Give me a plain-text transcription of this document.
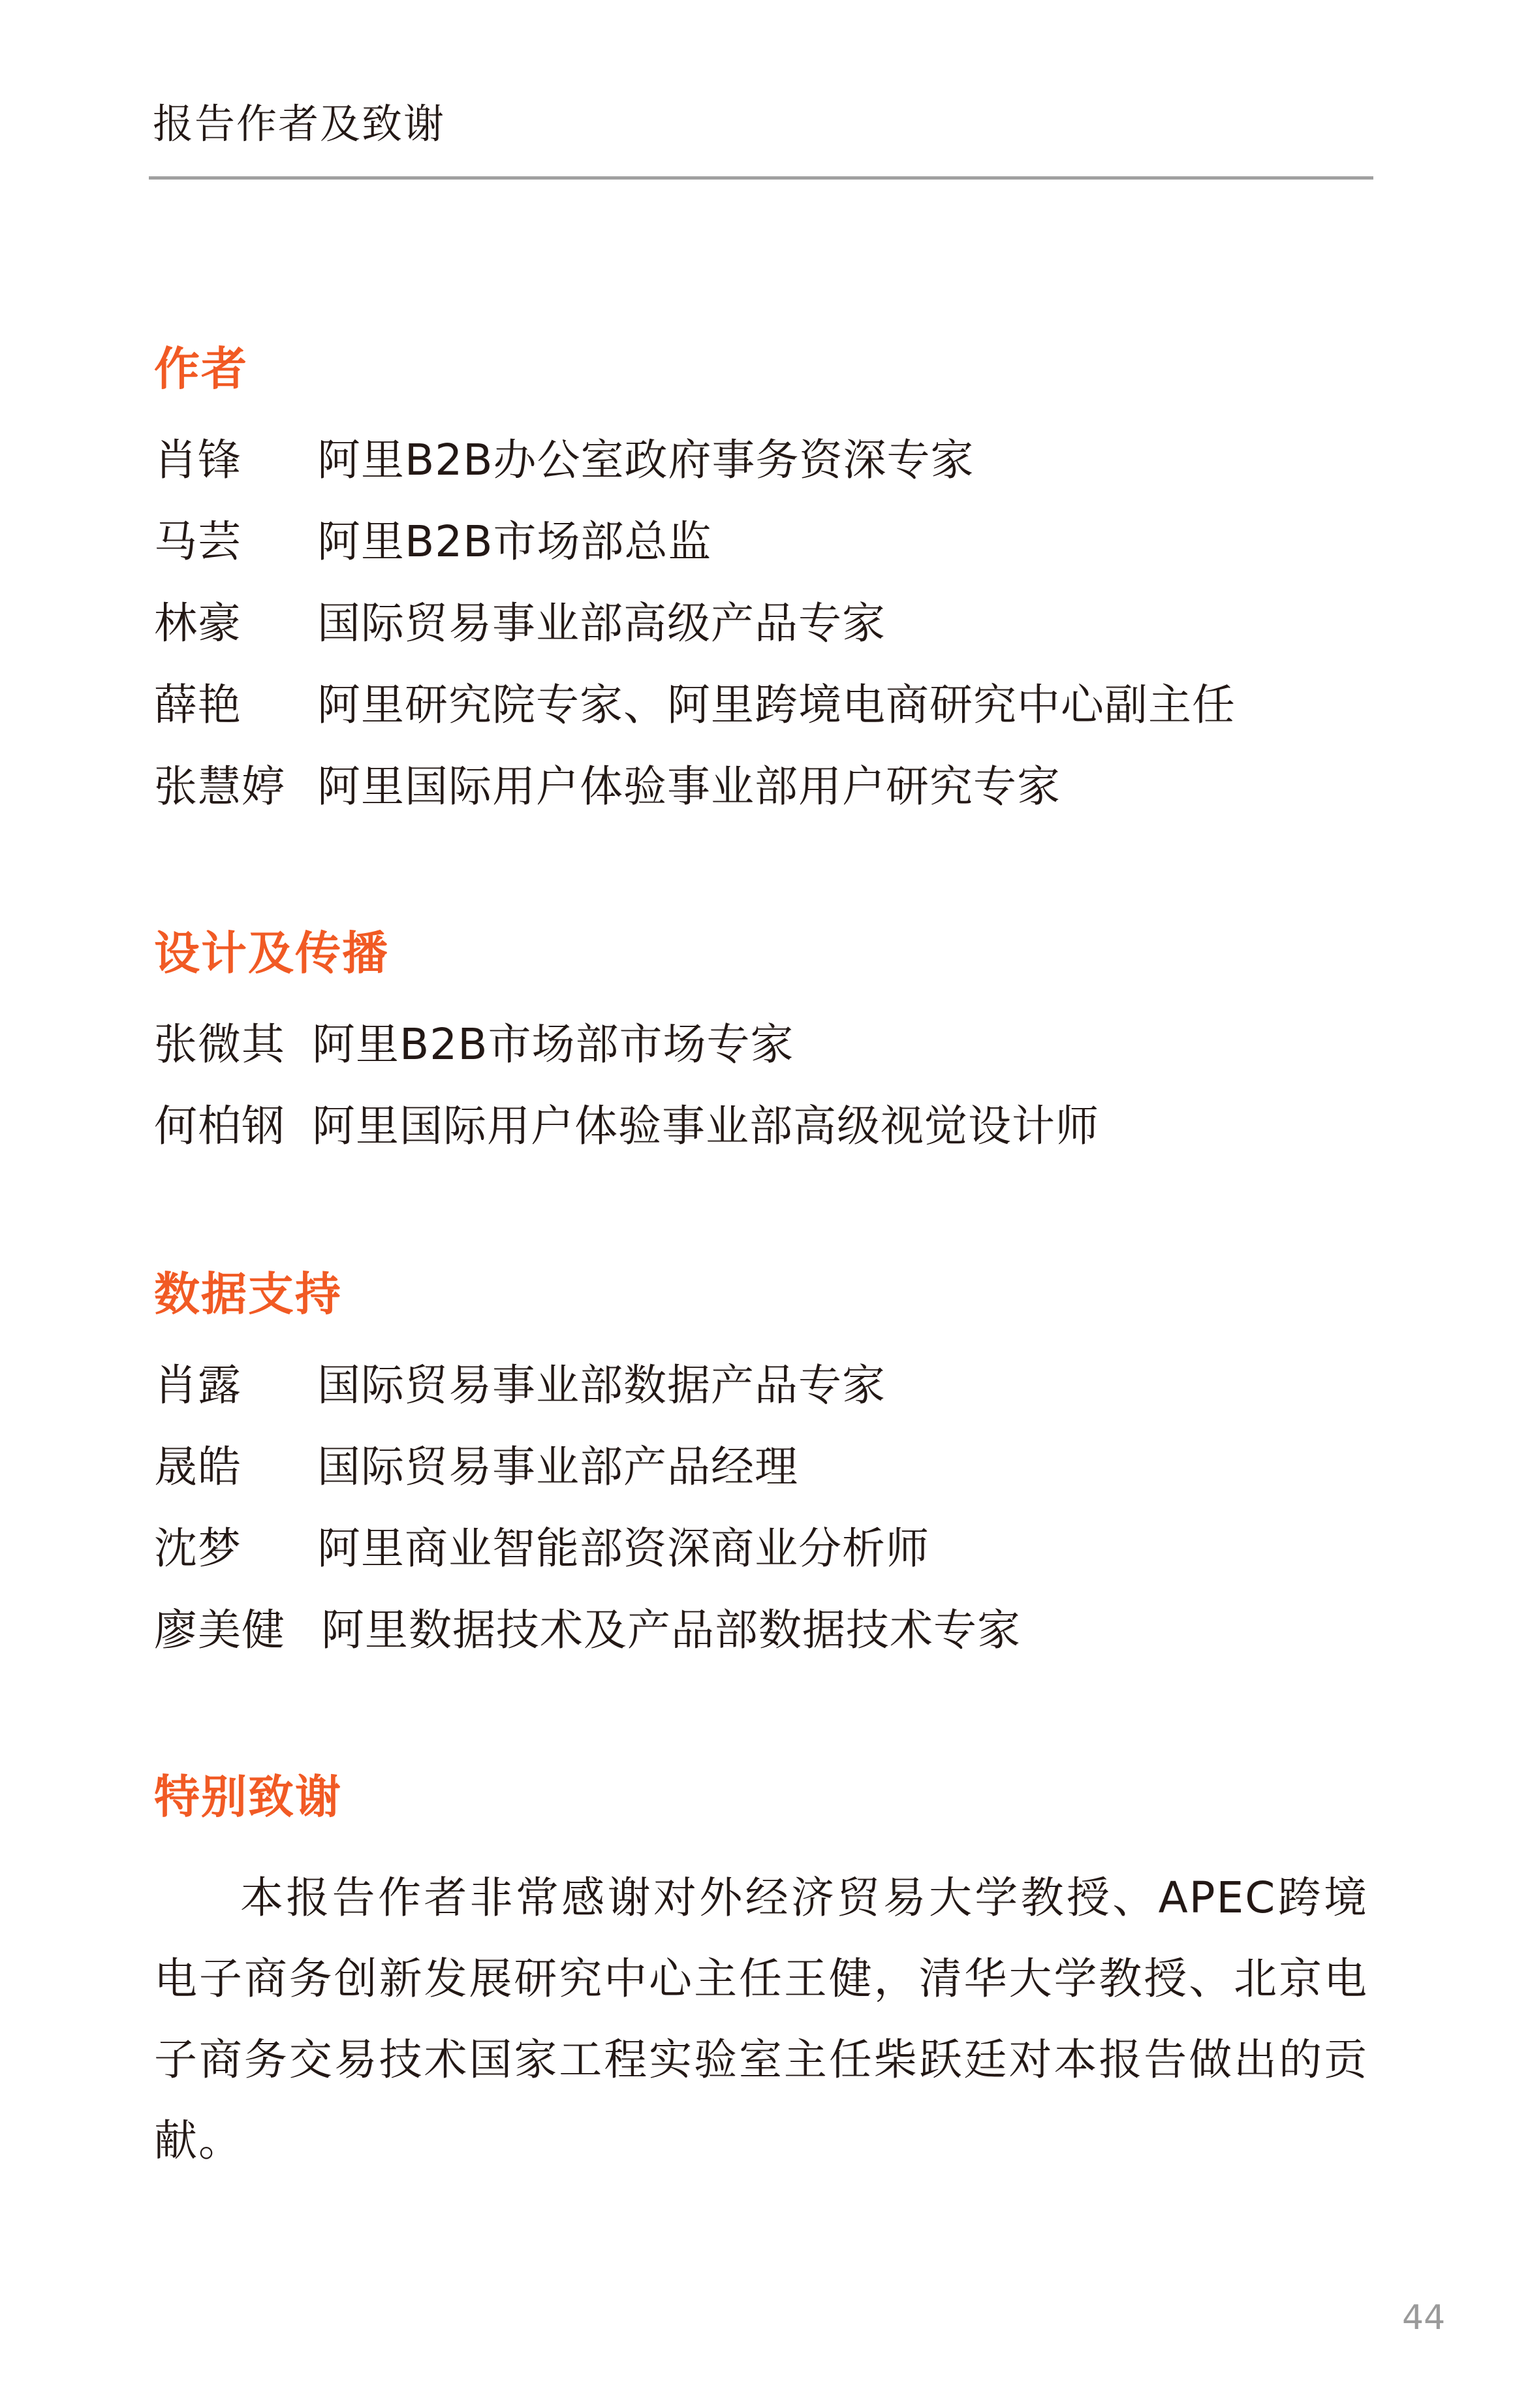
报告作者及致谢
作者
肖锋 阿里B2B办公室政府事务资深专家
马芸 阿里B2B市场部总监
林豪 国际贸易事业部高级产品专家
薛艳 阿里研究院专家、阿里跨境电商研究中心副主任
张慧婷 阿里国际用户体验事业部用户研究专家
设计及传播
张微其 阿里B2B市场部市场专家
何柏钢 阿里国际用户体验事业部高级视觉设计师
数据支持
肖露 国际贸易事业部数据产品专家
晟皓 国际贸易事业部产品经理
沈梦 阿里商业智能部资深商业分析师
廖美健 阿里数据技术及产品部数据技术专家
特别致谢
本报告作者非常感谢对外经济贸易大学教授、APEC跨境电子商务创新发展研究中心主任王健，清华大学教授、北京电子商务交易技术国家工程实验室主任柴跃廷对本报告做出的贡献。
44
